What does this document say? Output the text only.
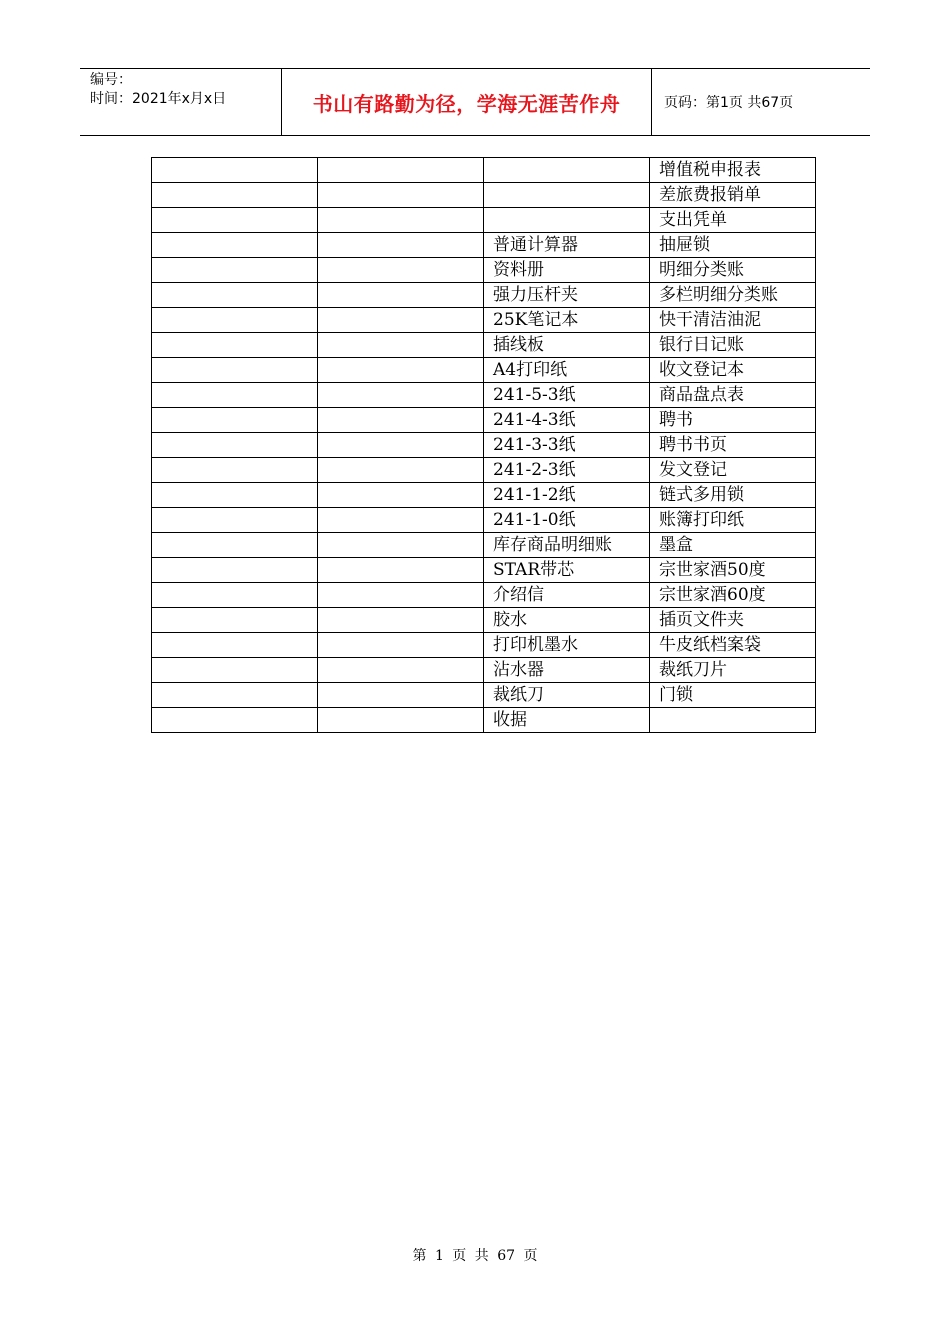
编号：
时间：2021年x月x日	书山有路勤为径，学海无涯苦作舟	页码：第1页 共67页
			增值税申报表
			差旅费报销单
			支出凭单
		普通计算器	抽屉锁
		资料册	明细分类账
		强力压杆夹	多栏明细分类账
		25K笔记本	快干清洁油泥
		插线板	银行日记账
		A4打印纸	收文登记本
		241-5-3纸	商品盘点表
		241-4-3纸	聘书
		241-3-3纸	聘书书页
		241-2-3纸	发文登记
		241-1-2纸	链式多用锁
		241-1-0纸	账簿打印纸
		库存商品明细账	墨盒
		STAR带芯	宗世家酒50度
		介绍信	宗世家酒60度
		胶水	插页文件夹
		打印机墨水	牛皮纸档案袋
		沾水器	裁纸刀片
		裁纸刀	门锁
		收据	
第 1 页 共 67 页
